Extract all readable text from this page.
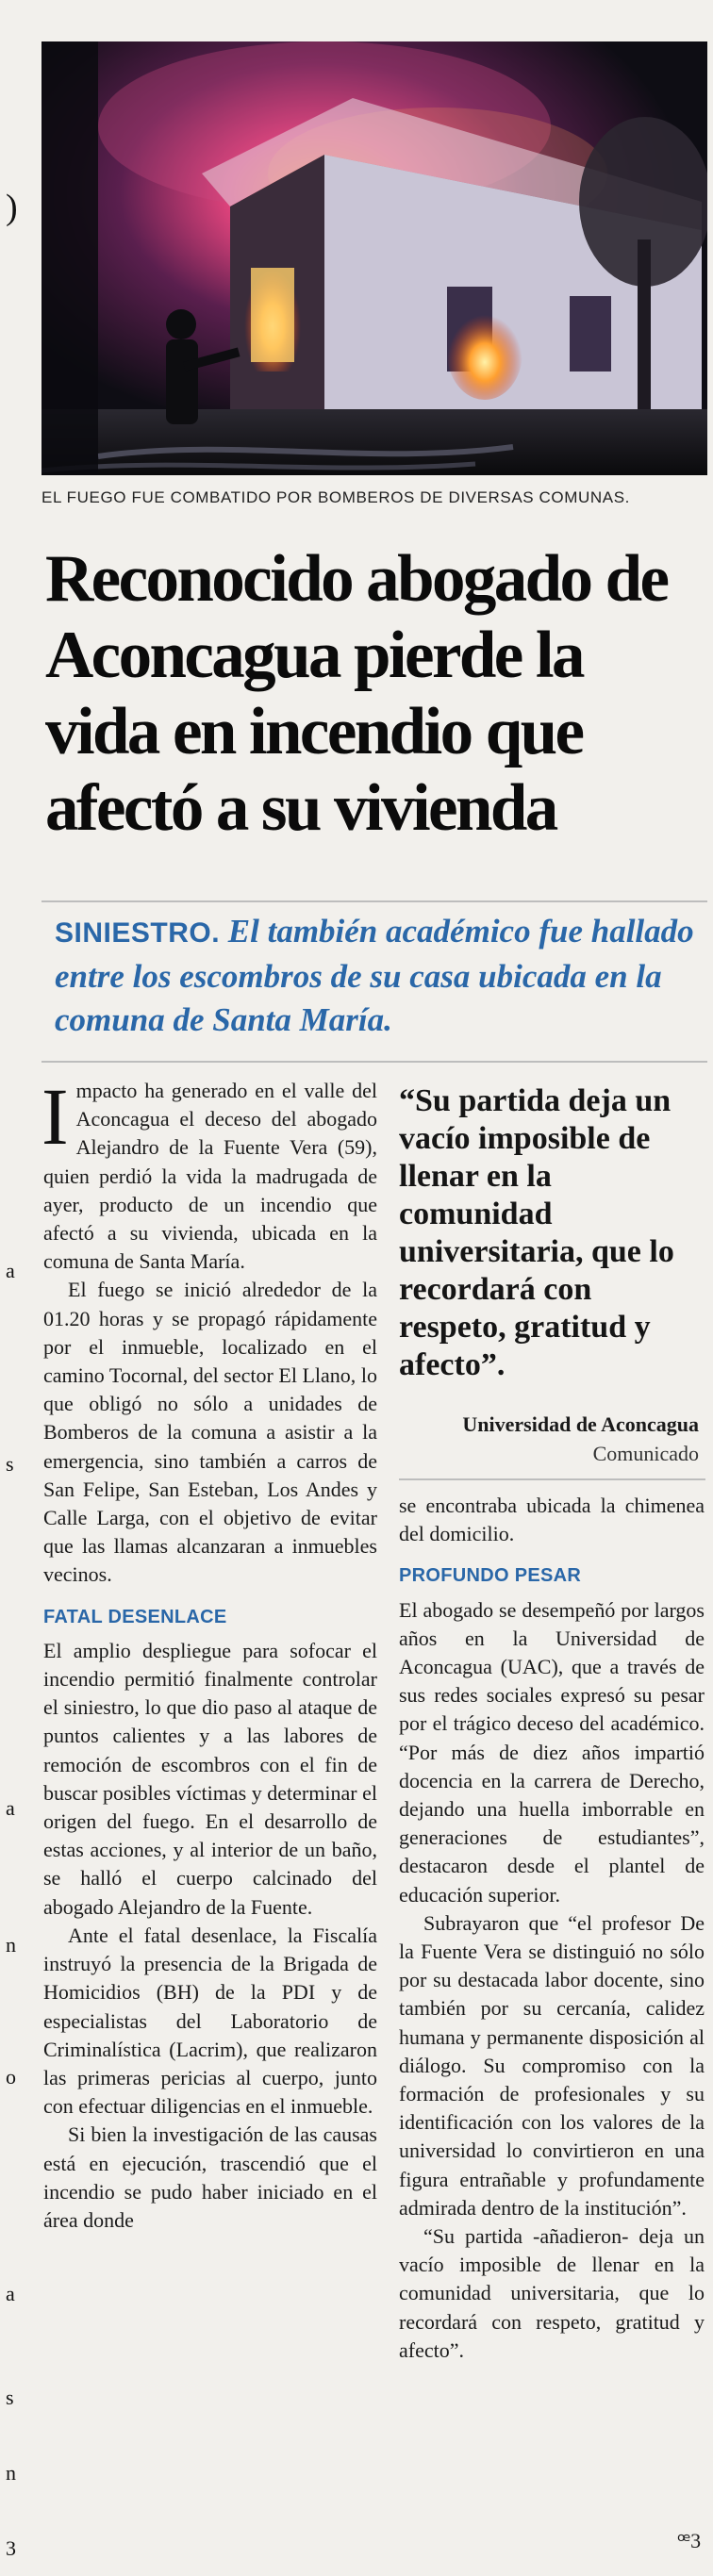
)
a
s
a
n
o
a
s
n
3
EL FUEGO FUE COMBATIDO POR BOMBEROS DE DIVERSAS COMUNAS.
Reconocido abogado de Aconcagua pierde la vida en incendio que afectó a su vivienda
SINIESTRO. El también académico fue hallado entre los escombros de su casa ubicada en la comuna de Santa María.

Impacto ha generado en el valle del Aconcagua el deceso del abogado Alejandro de la Fuente Vera (59), quien perdió la vida la madrugada de ayer, producto de un incendio que afectó a su vivienda, ubicada en la comuna de Santa María.

El fuego se inició alrededor de la 01.20 horas y se propagó rápidamente por el inmueble, localizado en el camino Tocornal, del sector El Llano, lo que obligó no sólo a unidades de Bomberos de la comuna a asistir a la emergencia, sino también a carros de San Felipe, San Esteban, Los Andes y Calle Larga, con el objetivo de evitar que las llamas alcanzaran a inmuebles vecinos.

FATAL DESENLACE

El amplio despliegue para sofocar el incendio permitió finalmente controlar el siniestro, lo que dio paso al ataque de puntos calientes y a las labores de remoción de escombros con el fin de buscar posibles víctimas y determinar el origen del fuego. En el desarrollo de estas acciones, y al interior de un baño, se halló el cuerpo calcinado del abogado Alejandro de la Fuente.

Ante el fatal desenlace, la Fiscalía instruyó la presencia de la Brigada de Homicidios (BH) de la PDI y de especialistas del Laboratorio de Criminalística (Lacrim), que realizaron las primeras pericias al cuerpo, junto con efectuar diligencias en el inmueble.

Si bien la investigación de las causas está en ejecución, trascendió que el incendio se pudo haber iniciado en el área donde

“Su partida deja un vacío imposible de llenar en la comunidad universitaria, que lo recordará con respeto, gratitud y afecto”.
Universidad de Aconcagua
Comunicado

se encontraba ubicada la chimenea del domicilio.

PROFUNDO PESAR

El abogado se desempeñó por largos años en la Universidad de Aconcagua (UAC), que a través de sus redes sociales expresó su pesar por el trágico deceso del académico. “Por más de diez años impartió docencia en la carrera de Derecho, dejando una huella imborrable en generaciones de estudiantes”, destacaron desde el plantel de educación superior.

Subrayaron que “el profesor De la Fuente Vera se distinguió no sólo por su destacada labor docente, sino también por su cercanía, calidez humana y permanente disposición al diálogo. Su compromiso con la formación de profesionales y su identificación con los valores de la universidad lo convirtieron en una figura entrañable y profundamente admirada dentro de la institución”.

“Su partida -añadieron- deja un vacío imposible de llenar en la comunidad universitaria, que lo recordará con respeto, gratitud y afecto”.

ꟹ3
